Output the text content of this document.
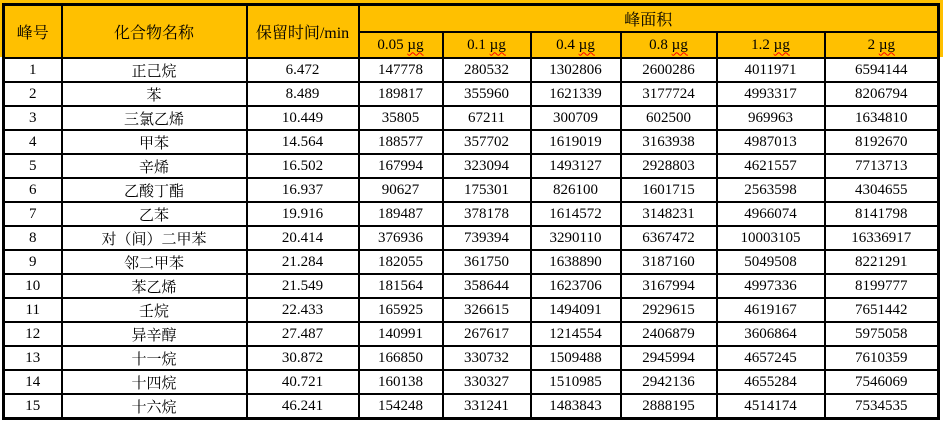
峰号	化合物名称	保留时间/min	峰面积					
			0.05 µg	0.1 µg	0.4 µg	0.8 µg	1.2 µg	2 µg
1	正己烷	6.472	147778	280532	1302806	2600286	4011971	6594144
2	苯	8.489	189817	355960	1621339	3177724	4993317	8206794
3	三氯乙烯	10.449	35805	67211	300709	602500	969963	1634810
4	甲苯	14.564	188577	357702	1619019	3163938	4987013	8192670
5	辛烯	16.502	167994	323094	1493127	2928803	4621557	7713713
6	乙酸丁酯	16.937	90627	175301	826100	1601715	2563598	4304655
7	乙苯	19.916	189487	378178	1614572	3148231	4966074	8141798
8	对（间）二甲苯	20.414	376936	739394	3290110	6367472	10003105	16336917
9	邻二甲苯	21.284	182055	361750	1638890	3187160	5049508	8221291
10	苯乙烯	21.549	181564	358644	1623706	3167994	4997336	8199777
11	壬烷	22.433	165925	326615	1494091	2929615	4619167	7651442
12	异辛醇	27.487	140991	267617	1214554	2406879	3606864	5975058
13	十一烷	30.872	166850	330732	1509488	2945994	4657245	7610359
14	十四烷	40.721	160138	330327	1510985	2942136	4655284	7546069
15	十六烷	46.241	154248	331241	1483843	2888195	4514174	7534535
